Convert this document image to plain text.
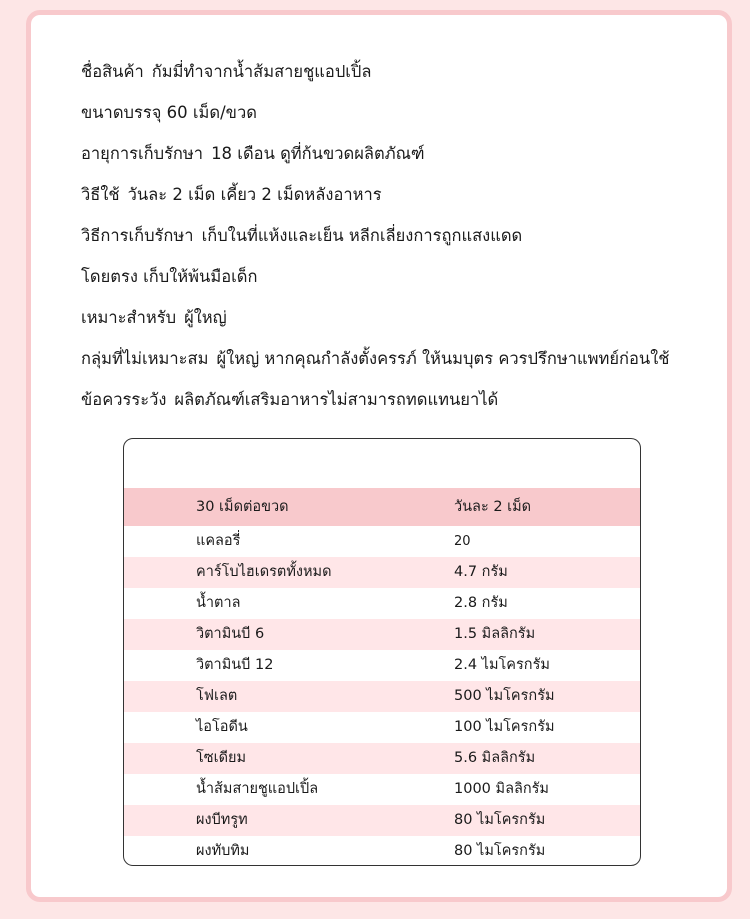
ชื่อสินค้า กัมมี่ทำจากน้ำส้มสายชูแอปเปิ้ล
ขนาดบรรจุ 60 เม็ด/ขวด
อายุการเก็บรักษา 18 เดือน ดูที่ก้นขวดผลิตภัณฑ์
วิธีใช้ วันละ 2 เม็ด เคี้ยว 2 เม็ดหลังอาหาร
วิธีการเก็บรักษา เก็บในที่แห้งและเย็น หลีกเลี่ยงการถูกแสงแดด
โดยตรง เก็บให้พ้นมือเด็ก
เหมาะสำหรับ ผู้ใหญ่
กลุ่มที่ไม่เหมาะสม ผู้ใหญ่ หากคุณกำลังตั้งครรภ์ ให้นมบุตร ควรปรึกษาแพทย์ก่อนใช้
ข้อควรระวัง ผลิตภัณฑ์เสริมอาหารไม่สามารถทดแทนยาได้
30 เม็ดต่อขวด	วันละ 2 เม็ด
แคลอรี่	20
คาร์โบไฮเดรตทั้งหมด	4.7 กรัม
น้ำตาล	2.8 กรัม
วิตามินบี 6	1.5 มิลลิกรัม
วิตามินบี 12	2.4 ไมโครกรัม
โฟเลต	500 ไมโครกรัม
ไอโอดีน	100 ไมโครกรัม
โซเดียม	5.6 มิลลิกรัม
น้ำส้มสายชูแอปเปิ้ล	1000 มิลลิกรัม
ผงบีทรูท	80 ไมโครกรัม
ผงทับทิม	80 ไมโครกรัม
